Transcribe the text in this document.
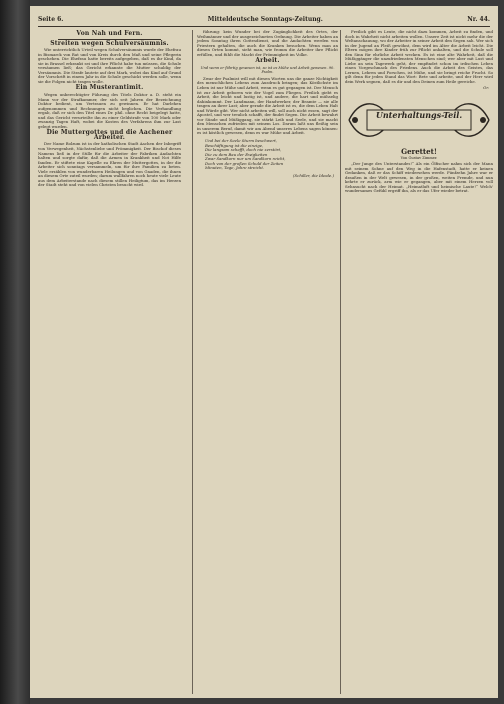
Seite 6.	Mitteldeutsche Sonntags-Zeitung.	Nr. 44.
Von Nah und Fern.
Streiten wegen Schulversäumnis.

Wie unterrichtlich Urteil wegen Schulversäumnis wurde der Ehefrau in Bismarck von Rat und von Kreis durch den Maß und seine Pflegerin geschehen. Die Ehefrau hatte bereits aufgegeben, daß es ihr Kind, da sie in Brassel erkrankt sei und ihre Pflicht habe tun müssen, die Schule versäumen ließ; das Gericht erkannte die Mutter schuldig der Versäumnis. Die Strafe lautete auf drei Mark, wobei das Kind auf Grund der Vorschrift in einem Jahr in die Schule geschickt werden solle, wenn sie die Folgen nicht tragen wolle.

Ein Musterantimit.

Wegen unberechtigter Führung des Titels Doktor a. D. steht ein Mann vor der Strafkammer, der sich seit Jahren der Bezeichnung Doktor bedient, um Vertrauen zu gewinnen. Er hat Darlehen aufgenommen und Rechnungen nicht beglichen. Die Verhandlung ergab, daß er sich den Titel eines Dr. phil. ohne Recht beigelegt hatte, und das Gericht verurteilte ihn zu einer Geldstrafe von 100 Mark oder zwanzig Tagen Haft, wobei die Kosten des Verfahrens ihm zur Last gelegt wurden.

Die Muttergottes und die Aachener Arbeiter.

Der Name Bolzum ist in der katholischen Stadt Aachen der Inbegriff von Verwegenheit, Nächstenliebe und Frömmigkeit. Der Bischof dieses Namens ließ in der Stille für die Arbeiter der Fabriken Andachten halten und sorgte dafür, daß die Armen in Krankheit und Not Hilfe fanden. Er stiftete eine Kapelle zu Ehren der Muttergottes, in der die Arbeiter sich sonntags versammeln, um für ihre Familien zu beten. Viele erzählen von wunderbaren Heilungen und von Gnaden, die ihnen an diesem Orte zuteil wurden; darum wallfahren noch heute viele Leute aus dem Arbeiterstande nach diesem stillen Heiligtum, das im Herzen der Stadt steht und von vielen Christen besucht wird.

führung: kein Wunder bei der Zugänglichkeit des Ortes, der Weihmänner und der ausgezeichneten Ordnung. Die Arbeiter haben an jedem Sonntag ihren Gottesdienst, und die Andachten werden von Priestern gehalten, die auch die Kranken besuchen. Wenn man an diesen Orten kommt, sieht man, wie fromm die Arbeiter ihre Pflicht erfüllen, und fühlt die Macht der Frömmigkeit im Volke.

Arbeit.
Und wenn er fährtig gewesen ist, so ist es Mühe und Arbeit gewesen. 90. Psalm.

Zwar der Psalmist will mit diesen Worten uns die ganze Nichtigkeit des menschlichen Lebens zum Ausdruck bringen; das Köstlichste im Leben ist nur Mühe und Arbeit, wenn es gut gegangen ist. Der Mensch ist zur Arbeit geboren wie der Vogel zum Fliegen. Freilich giebt es Arbeit, die leicht und lustig ist, und andere, die hart und mühselig dahinkommt. Der Landmann, der Handwerker, der Beamte — sie alle tragen an ihrer Last; aber gerade die Arbeit ist es, die dem Leben Halt und Würde gibt. Wer nicht arbeiten will, soll auch nicht essen, sagt der Apostel, und wer treulich schafft, der findet Segen. Die Arbeit bewahrt vor Sünde und Müßiggang, sie stärkt Leib und Seele, und sie macht den Menschen zufrieden mit seinem Los. Darum laßt uns fleißig sein in unserem Beruf, damit wir am Abend unseres Lebens sagen können: es ist köstlich gewesen, denn es war Mühe und Arbeit.

Und bei der Seele Sturm beschwert,
Beschäftigung ist die einzige,
Die langsam schafft, doch nie zerstört,
Die zu dem Bau der Ewigkeiten
Zwar Sandkorn nur um Sandkorn reicht,
Doch von der großen Schuld der Zeiten
Minuten, Tage, Jahre streicht.
(Schiller, die Ideale.)

Freilich gibt es Leute, die nicht dazu kommen, Arbeit zu finden, und doch in Wahrheit nicht arbeiten wollen. Unsere Zeit ist nicht mehr die der Weltanschauung, wo der Arbeiter in seiner Arbeit den Segen sah. Wer sich in der Jugend an Fleiß gewöhnt, dem wird im Alter die Arbeit leicht. Die Eltern mögen ihre Kinder früh zur Pflicht anhalten, und die Schule soll den Sinn für ehrliche Arbeit wecken. Es ist eine alte Wahrheit, daß die Müßiggänger die unzufriedensten Menschen sind; wer aber mit Lust und Liebe an sein Tagewerk geht, der empfindet schon im irdischen Leben einen Vorgeschmack des Friedens. Auch die Arbeit des Geistes, das Lernen, Lehren und Forschen, ist Mühe, und sie bringt reiche Frucht. So gilt denn für jeden Stand das Wort: Bete und arbeite, und der Herr wird dein Werk segnen, daß es dir und den Deinen zum Heile gereiche.

Or.
Unterhaltungs-Teil.
Gerettet!
Von Gustav Zimmer.

„Der Junge des Unterstandes!“ Als ein Ölfischer nahm sich der Mann mit seinem Sohne auf den Weg in die Hafenstadt, hatte er keinen Gedanken, daß er das Schiff wiedersehen werde. Fünfzehn Jahre war er draußen in der Welt gewesen, in der großen, weiten Fremde, und nun kehrte er zurück, arm wie er gegangen, aber mit einem Herzen voll Sehnsucht nach der Heimat. „Heimatluft und heimische Laute!“ Welch' wundersames Gefühl ergriff ihn, als er das Ufer wieder betrat.
